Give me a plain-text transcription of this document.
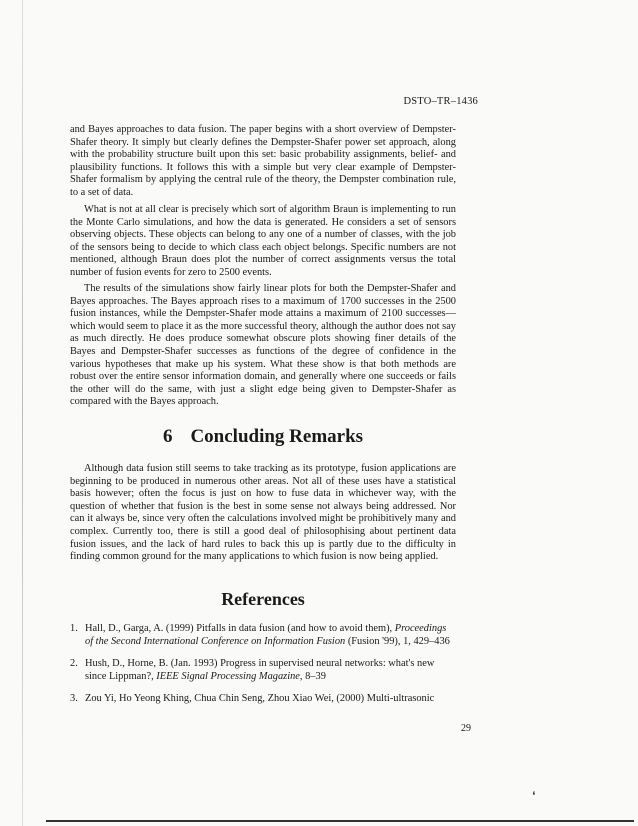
DSTO–TR–1436

and Bayes approaches to data fusion. The paper begins with a short overview of Dempster-Shafer theory. It simply but clearly defines the Dempster-Shafer power set approach, along with the probability structure built upon this set: basic probability assignments, belief- and plausibility functions. It follows this with a simple but very clear example of Dempster-Shafer formalism by applying the central rule of the theory, the Dempster combination rule, to a set of data.

What is not at all clear is precisely which sort of algorithm Braun is implementing to run the Monte Carlo simulations, and how the data is generated. He considers a set of sensors observing objects. These objects can belong to any one of a number of classes, with the job of the sensors being to decide to which class each object belongs. Specific numbers are not mentioned, although Braun does plot the number of correct assignments versus the total number of fusion events for zero to 2500 events.

The results of the simulations show fairly linear plots for both the Dempster-Shafer and Bayes approaches. The Bayes approach rises to a maximum of 1700 successes in the 2500 fusion instances, while the Dempster-Shafer mode attains a maximum of 2100 successes—which would seem to place it as the more successful theory, although the author does not say as much directly. He does produce somewhat obscure plots showing finer details of the Bayes and Dempster-Shafer successes as functions of the degree of confidence in the various hypotheses that make up his system. What these show is that both methods are robust over the entire sensor information domain, and generally where one succeeds or fails the other will do the same, with just a slight edge being given to Dempster-Shafer as compared with the Bayes approach.

6 Concluding Remarks

Although data fusion still seems to take tracking as its prototype, fusion applications are beginning to be produced in numerous other areas. Not all of these uses have a statistical basis however; often the focus is just on how to fuse data in whichever way, with the question of whether that fusion is the best in some sense not always being addressed. Nor can it always be, since very often the calculations involved might be prohibitively many and complex. Currently too, there is still a good deal of philosophising about pertinent data fusion issues, and the lack of hard rules to back this up is partly due to the difficulty in finding common ground for the many applications to which fusion is now being applied.

References
1. Hall, D., Garga, A. (1999) Pitfalls in data fusion (and how to avoid them), Proceedings of the Second International Conference on Information Fusion (Fusion '99), 1, 429–436
2. Hush, D., Horne, B. (Jan. 1993) Progress in supervised neural networks: what's new since Lippman?, IEEE Signal Processing Magazine, 8–39
3. Zou Yi, Ho Yeong Khing, Chua Chin Seng, Zhou Xiao Wei, (2000) Multi-ultrasonic
29
❛
